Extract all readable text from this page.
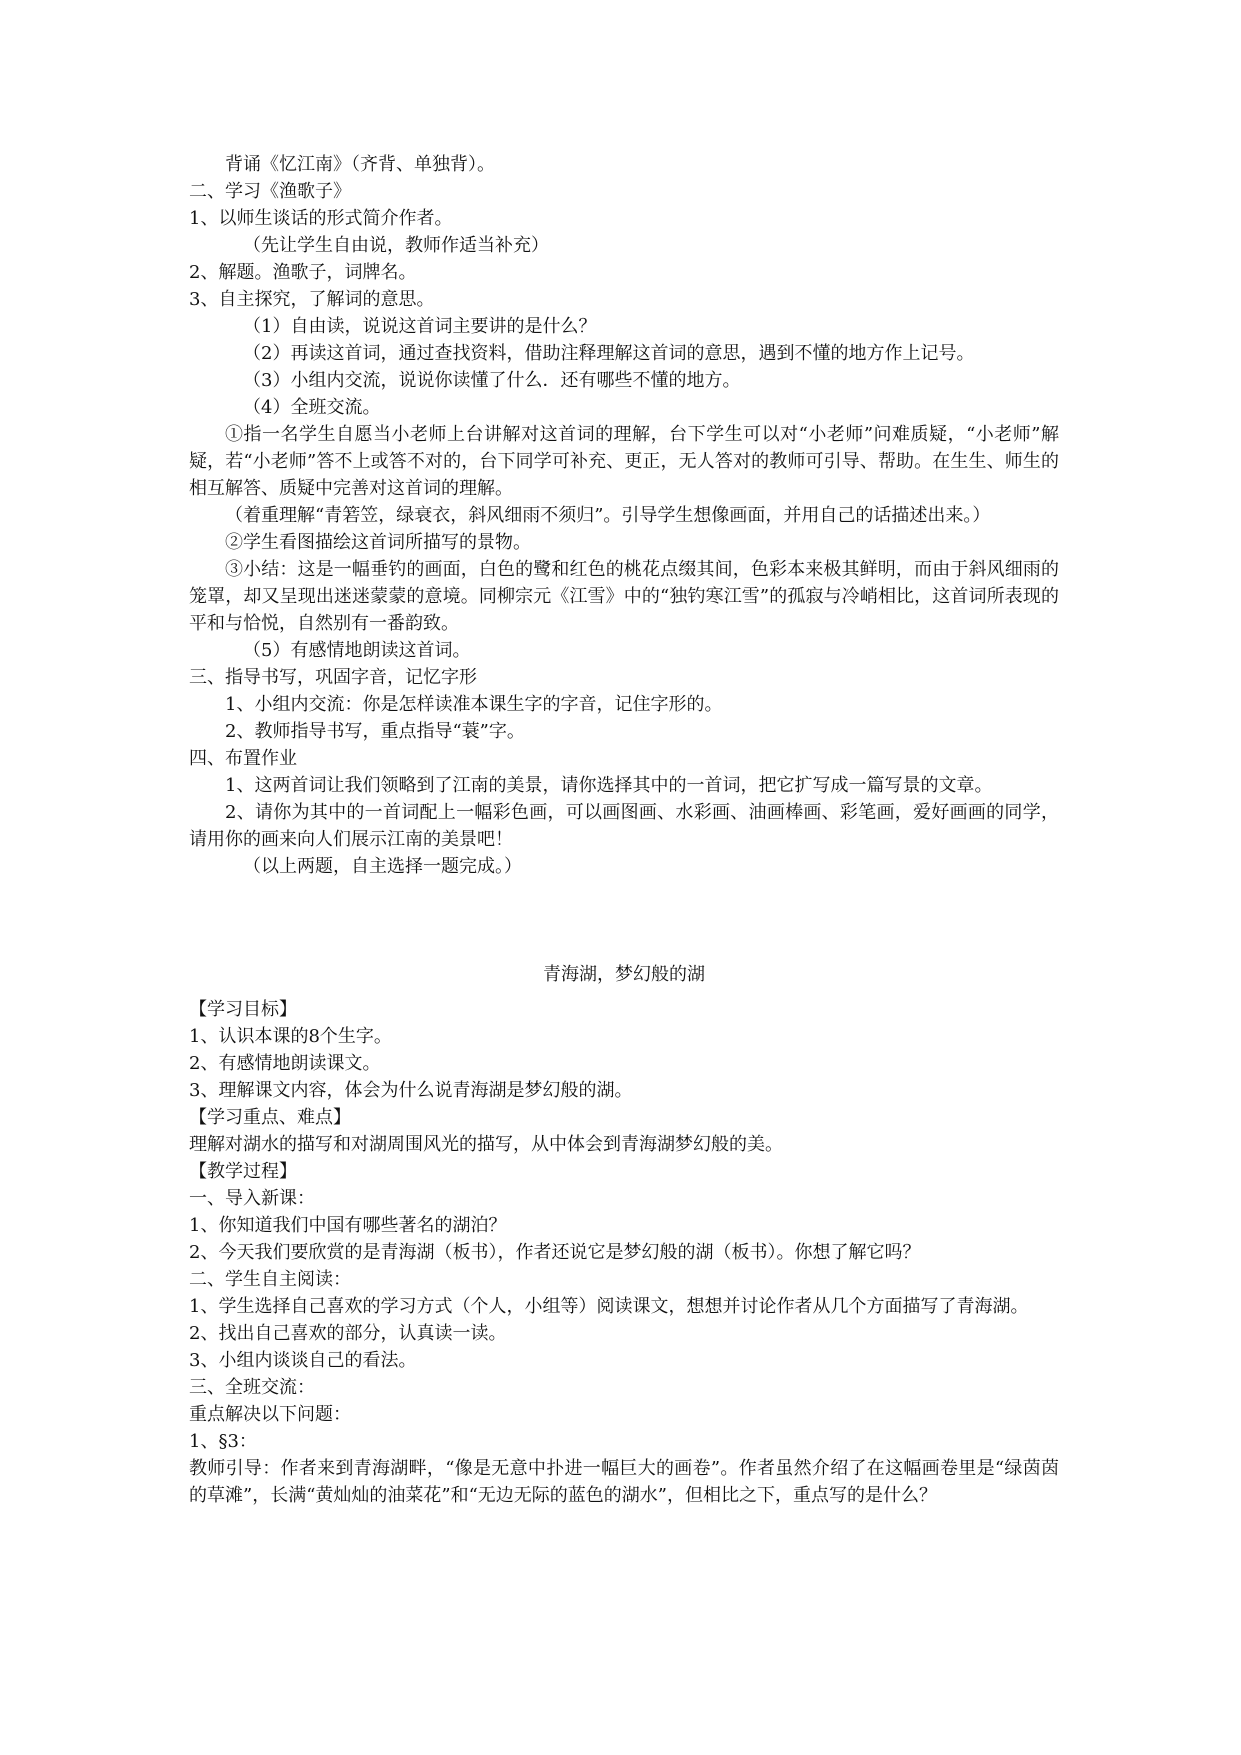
背诵《忆江南》（齐背、单独背）。
二、学习《渔歌子》
1、以师生谈话的形式简介作者。
（先让学生自由说，教师作适当补充）
2、解题。渔歌子，词牌名。
3、自主探究，了解词的意思。
（1）自由读，说说这首词主要讲的是什么？
（2）再读这首词，通过查找资料，借助注释理解这首词的意思，遇到不懂的地方作上记号。
（3）小组内交流，说说你读懂了什么．还有哪些不懂的地方。
（4）全班交流。

①指一名学生自愿当小老师上台讲解对这首词的理解，台下学生可以对“小老师”问难质疑，“小老师”解疑，若“小老师”答不上或答不对的，台下同学可补充、更正，无人答对的教师可引导、帮助。在生生、师生的相互解答、质疑中完善对这首词的理解。

（着重理解“青箬笠，绿衰衣，斜风细雨不须归”。引导学生想像画面，并用自己的话描述出来。）

②学生看图描绘这首词所描写的景物。

③小结：这是一幅垂钓的画面，白色的鹭和红色的桃花点缀其间，色彩本来极其鲜明，而由于斜风细雨的笼罩，却又呈现出迷迷蒙蒙的意境。同柳宗元《江雪》中的“独钓寒江雪”的孤寂与冷峭相比，这首词所表现的平和与恰悦，自然别有一番韵致。

（5）有感情地朗读这首词。
三、指导书写，巩固字音，记忆字形
1、小组内交流：你是怎样读准本课生字的字音，记住字形的。
2、教师指导书写，重点指导“蓑”字。
四、布置作业

1、这两首词让我们领略到了江南的美景，请你选择其中的一首词，把它扩写成一篇写景的文章。

2、请你为其中的一首词配上一幅彩色画，可以画图画、水彩画、油画棒画、彩笔画，爱好画画的同学，请用你的画来向人们展示江南的美景吧！

（以上两题，自主选择一题完成。）
青海湖，梦幻般的湖
【学习目标】
1、认识本课的8个生字。
2、有感情地朗读课文。
3、理解课文内容，体会为什么说青海湖是梦幻般的湖。
【学习重点、难点】
理解对湖水的描写和对湖周围风光的描写，从中体会到青海湖梦幻般的美。
【教学过程】
一、导入新课：
1、你知道我们中国有哪些著名的湖泊？
2、今天我们要欣赏的是青海湖（板书），作者还说它是梦幻般的湖（板书）。你想了解它吗？
二、学生自主阅读：
1、学生选择自己喜欢的学习方式（个人，小组等）阅读课文，想想并讨论作者从几个方面描写了青海湖。
2、找出自己喜欢的部分，认真读一读。
3、小组内谈谈自己的看法。
三、全班交流：
重点解决以下问题：
1、§3：
教师引导：作者来到青海湖畔，“像是无意中扑进一幅巨大的画卷”。作者虽然介绍了在这幅画卷里是“绿茵茵的草滩”，长满“黄灿灿的油菜花”和“无边无际的蓝色的湖水”，但相比之下，重点写的是什么？
